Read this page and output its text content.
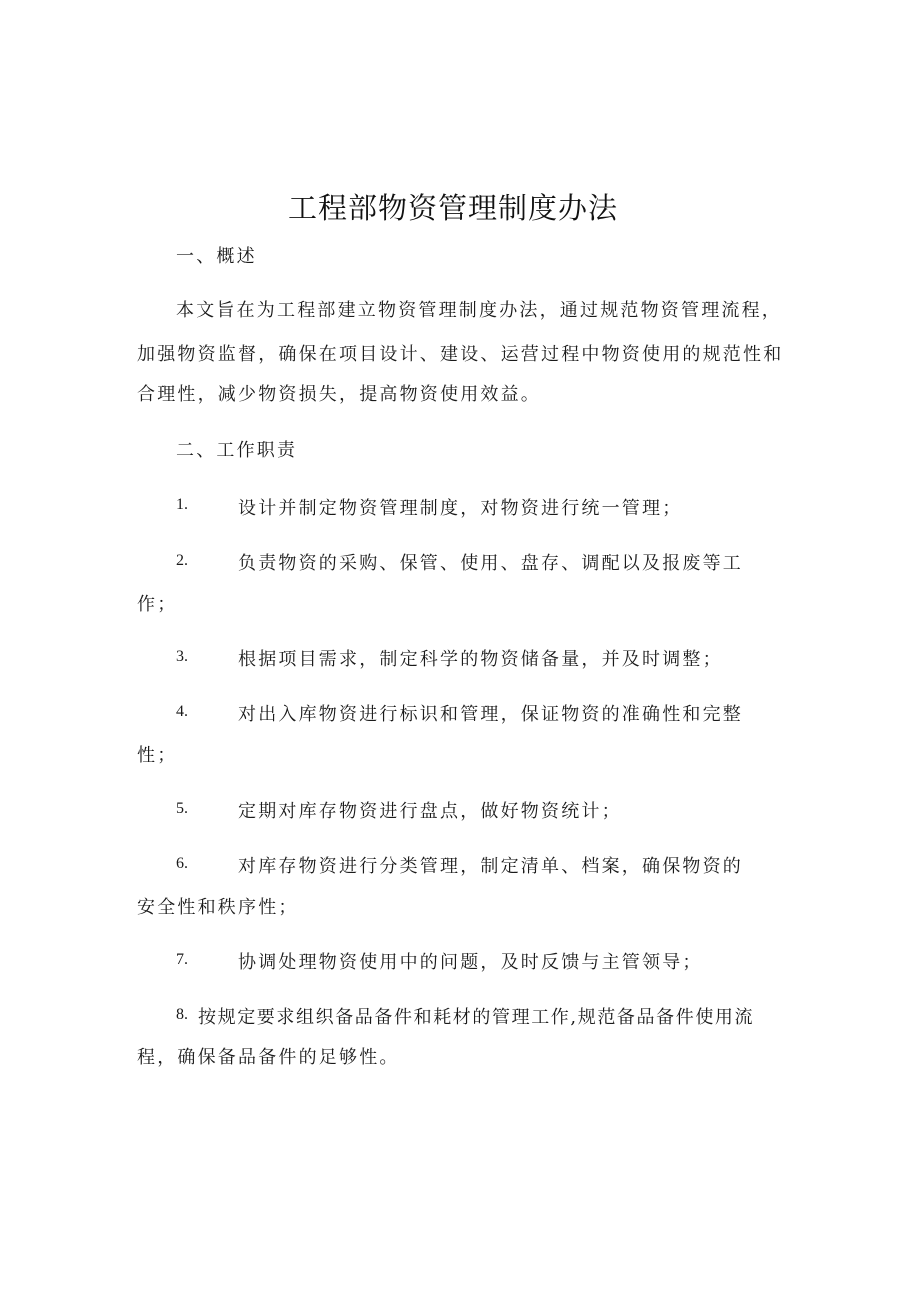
工程部物资管理制度办法

一、概述

本文旨在为工程部建立物资管理制度办法，通过规范物资管理流程，

加强物资监督，确保在项目设计、建设、运营过程中物资使用的规范性和

合理性，减少物资损失，提高物资使用效益。

二、工作职责

1.	设计并制定物资管理制度，对物资进行统一管理；

2.	负责物资的采购、保管、使用、盘存、调配以及报废等工

作；

3.	根据项目需求，制定科学的物资储备量，并及时调整；

4.	对出入库物资进行标识和管理，保证物资的准确性和完整

性；

5.	定期对库存物资进行盘点，做好物资统计；

6.	对库存物资进行分类管理，制定清单、档案，确保物资的

安全性和秩序性；

7.	协调处理物资使用中的问题，及时反馈与主管领导；

8. 按规定要求组织备品备件和耗材的管理工作,规范备品备件使用流

程，确保备品备件的足够性。
